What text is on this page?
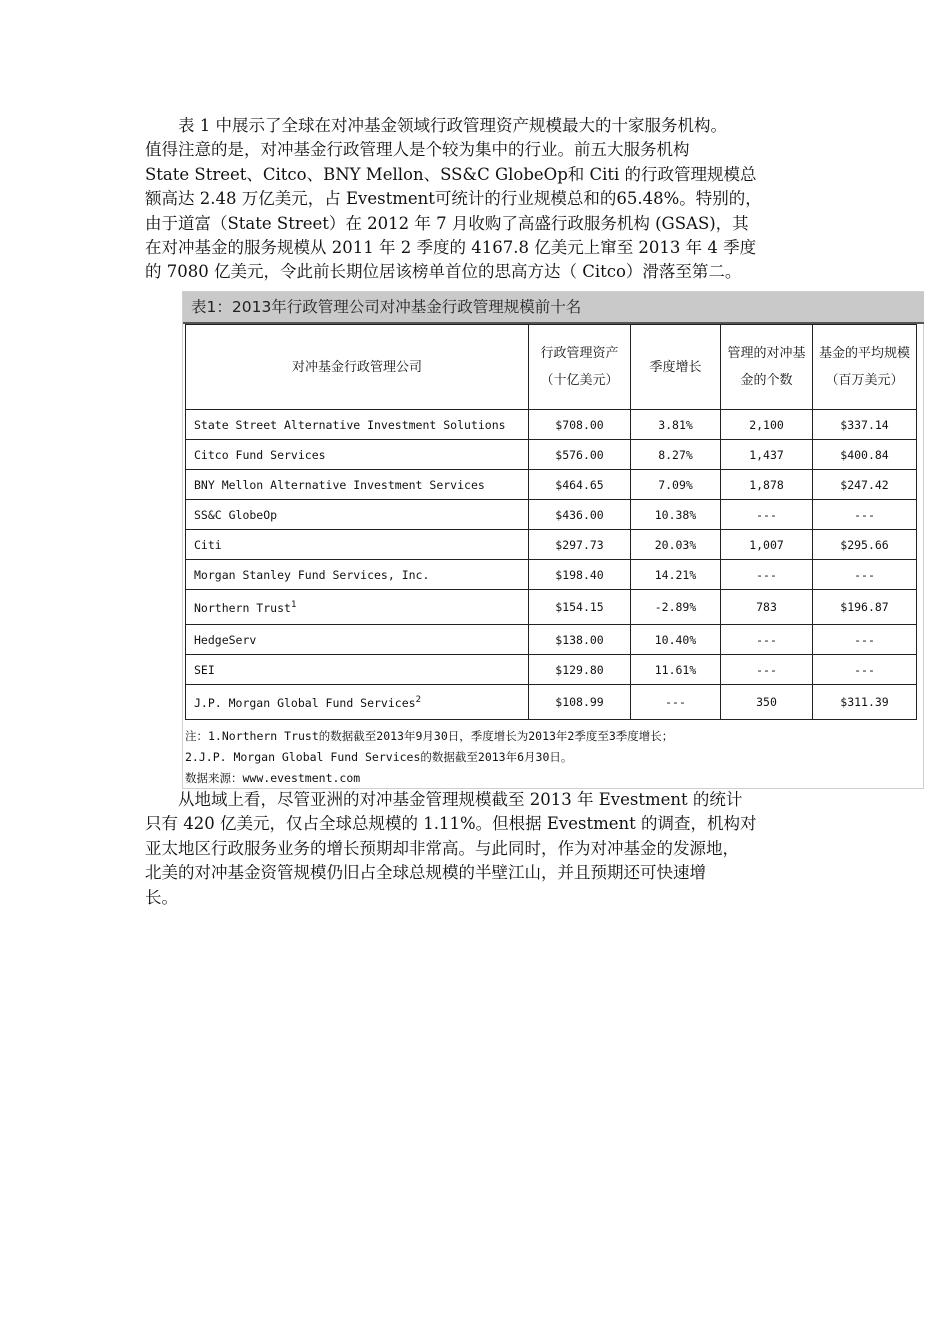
　　表 1 中展示了全球在对冲基金领域行政管理资产规模最大的十家服务机构。
值得注意的是，对冲基金行政管理人是个较为集中的行业。前五大服务机构
State Street、Citco、BNY Mellon、SS&C GlobeOp和 Citi 的行政管理规模总
额高达 2.48 万亿美元，占 Evestment可统计的行业规模总和的65.48%。特别的，
由于道富（State Street）在 2012 年 7 月收购了高盛行政服务机构 (GSAS)，其
在对冲基金的服务规模从 2011 年 2 季度的 4167.8 亿美元上窜至 2013 年 4 季度
的 7080 亿美元，令此前长期位居该榜单首位的思高方达（ Citco）滑落至第二。
表1：2013年行政管理公司对冲基金行政管理规模前十名
对冲基金行政管理公司	行政管理资产（十亿美元）	季度增长	管理的对冲基金的个数	基金的平均规模（百万美元）
State Street Alternative Investment Solutions	$708.00	3.81%	2,100	$337.14
Citco Fund Services	$576.00	8.27%	1,437	$400.84
BNY Mellon Alternative Investment Services	$464.65	7.09%	1,878	$247.42
SS&C GlobeOp	$436.00	10.38%	---	---
Citi	$297.73	20.03%	1,007	$295.66
Morgan Stanley Fund Services, Inc.	$198.40	14.21%	---	---
Northern Trust$^1$	$154.15	-2.89%	783	$196.87
HedgeServ	$138.00	10.40%	---	---
SEI	$129.80	11.61%	---	---
J.P. Morgan Global Fund Services$^2$	$108.99	---	350	$311.39
注：1.Northern Trust的数据截至2013年9月30日，季度增长为2013年2季度至3季度增长；
2.J.P. Morgan Global Fund Services的数据截至2013年6月30日。
数据来源：www.evestment.com
　　从地域上看，尽管亚洲的对冲基金管理规模截至 2013 年 Evestment 的统计
只有 420 亿美元，仅占全球总规模的 1.11%。但根据 Evestment 的调查，机构对
亚太地区行政服务业务的增长预期却非常高。与此同时，作为对冲基金的发源地，
北美的对冲基金资管规模仍旧占全球总规模的半壁江山，并且预期还可快速增
长。
